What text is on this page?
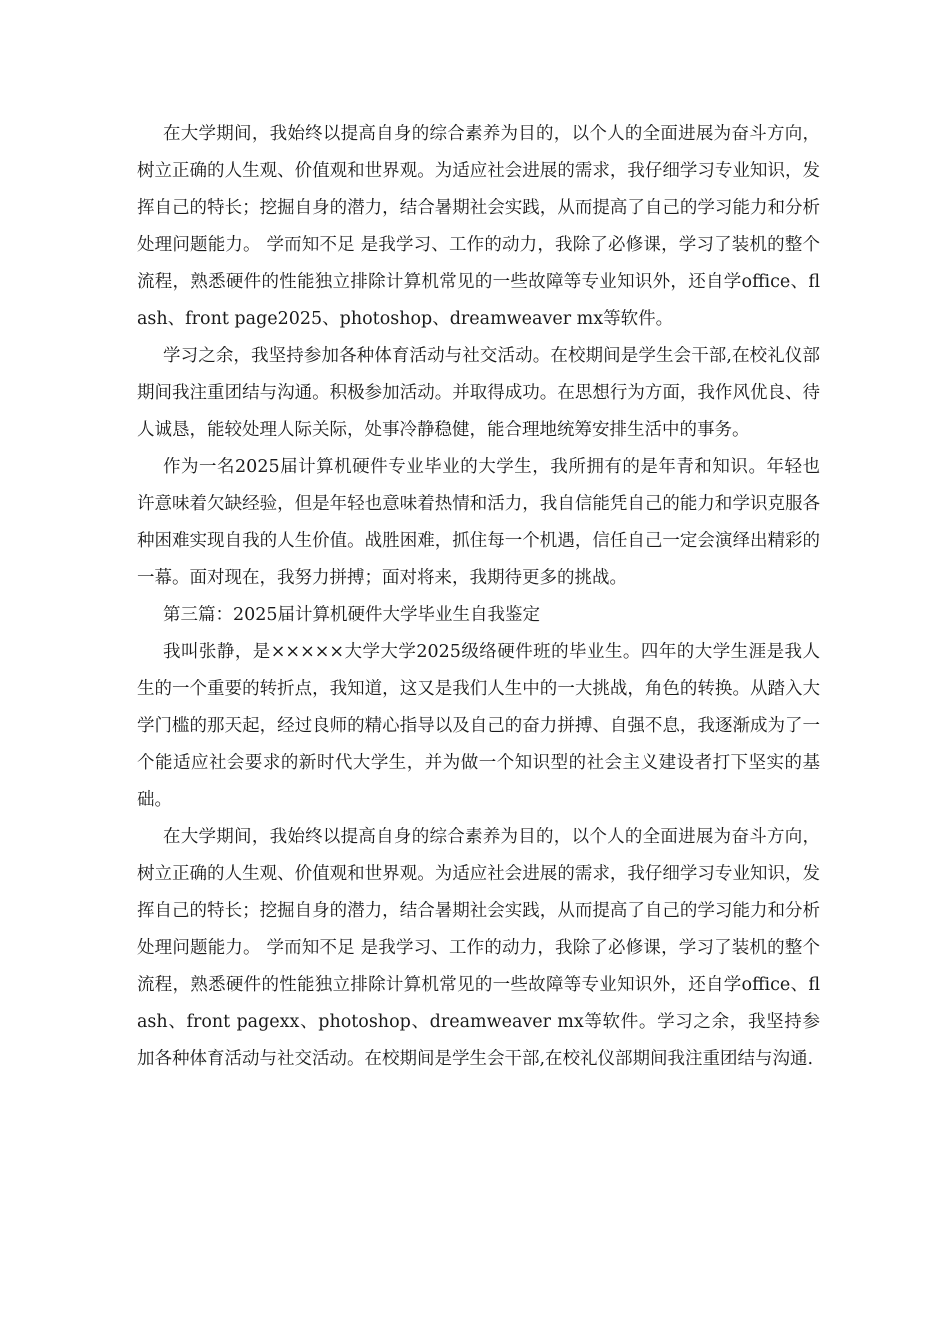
在大学期间，我始终以提高自身的综合素养为目的，以个人的全面进展为奋斗方向，树立正确的人生观、价值观和世界观。为适应社会进展的需求，我仔细学习专业知识，发挥自己的特长；挖掘自身的潜力，结合暑期社会实践，从而提高了自己的学习能力和分析处理问题能力。 学而知不足 是我学习、工作的动力，我除了必修课，学习了装机的整个流程，熟悉硬件的性能独立排除计算机常见的一些故障等专业知识外，还自学office、flash、front page2025、photoshop、dreamweaver mx等软件。

学习之余，我坚持参加各种体育活动与社交活动。在校期间是学生会干部,在校礼仪部期间我注重团结与沟通。积极参加活动。并取得成功。在思想行为方面，我作风优良、待人诚恳，能较处理人际关际，处事冷静稳健，能合理地统筹安排生活中的事务。

作为一名2025届计算机硬件专业毕业的大学生，我所拥有的是年青和知识。年轻也许意味着欠缺经验，但是年轻也意味着热情和活力，我自信能凭自己的能力和学识克服各种困难实现自我的人生价值。战胜困难，抓住每一个机遇，信任自己一定会演绎出精彩的一幕。面对现在，我努力拼搏；面对将来，我期待更多的挑战。

第三篇：2025届计算机硬件大学毕业生自我鉴定

我叫张静，是×××××大学大学2025级络硬件班的毕业生。四年的大学生涯是我人生的一个重要的转折点，我知道，这又是我们人生中的一大挑战，角色的转换。从踏入大学门槛的那天起，经过良师的精心指导以及自己的奋力拼搏、自强不息，我逐渐成为了一个能适应社会要求的新时代大学生，并为做一个知识型的社会主义建设者打下坚实的基础。

在大学期间，我始终以提高自身的综合素养为目的，以个人的全面进展为奋斗方向，树立正确的人生观、价值观和世界观。为适应社会进展的需求，我仔细学习专业知识，发挥自己的特长；挖掘自身的潜力，结合暑期社会实践，从而提高了自己的学习能力和分析处理问题能力。 学而知不足 是我学习、工作的动力，我除了必修课，学习了装机的整个流程，熟悉硬件的性能独立排除计算机常见的一些故障等专业知识外，还自学office、flash、front pagexx、photoshop、dreamweaver mx等软件。学习之余，我坚持参加各种体育活动与社交活动。在校期间是学生会干部,在校礼仪部期间我注重团结与沟通.
